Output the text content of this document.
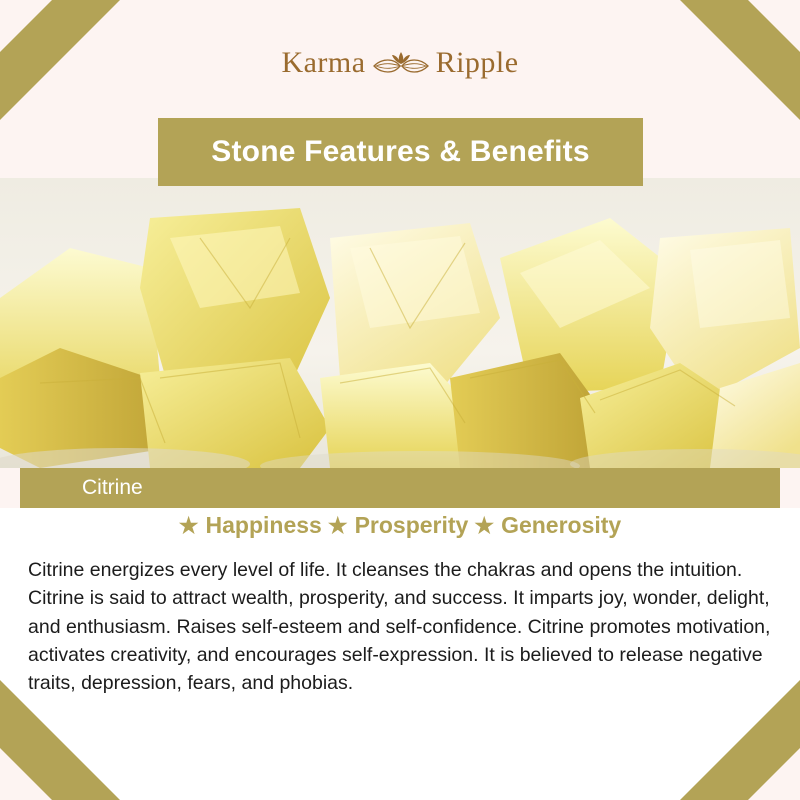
Karma Ripple
Stone Features & Benefits
Citrine
★ Happiness ★ Prosperity ★ Generosity

Citrine energizes every level of life. It cleanses the chakras and opens the intuition. Citrine is said to attract wealth, prosperity, and success. It imparts joy, wonder, delight, and enthusiasm. Raises self-esteem and self-confidence. Citrine promotes motivation, activates creativity, and encourages self-expression. It is believed to release negative traits, depression, fears, and phobias.
